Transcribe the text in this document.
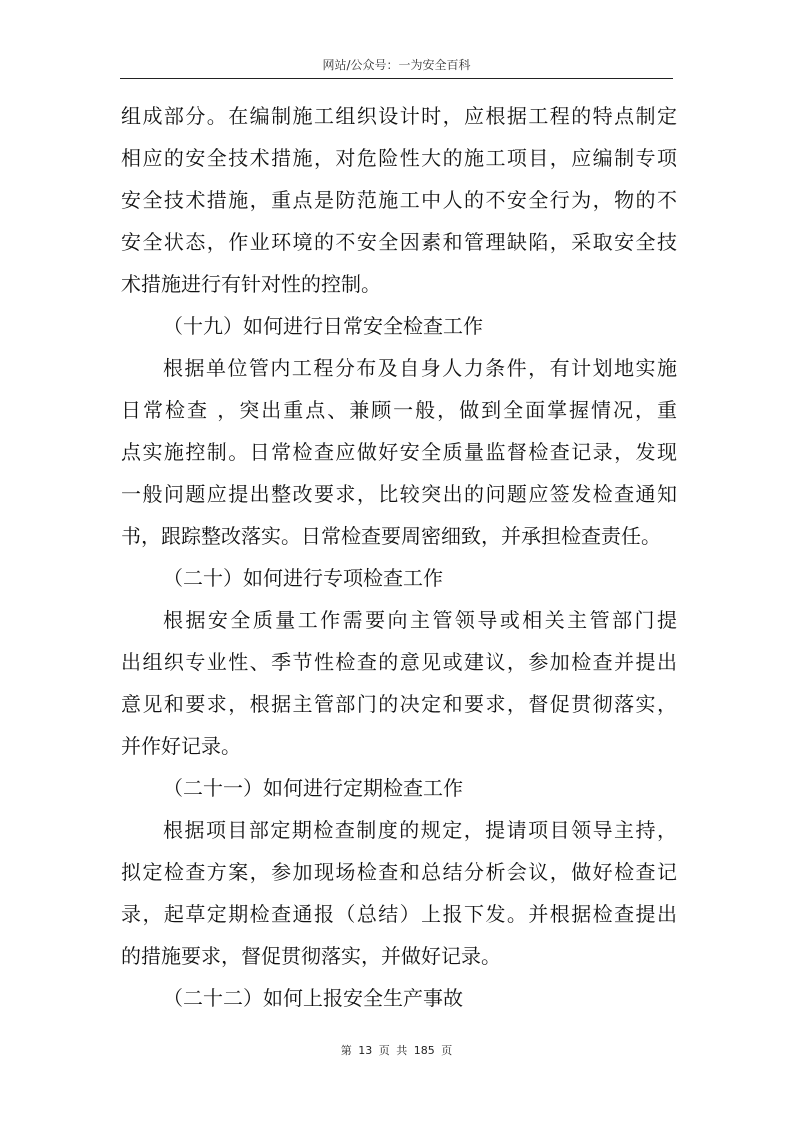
网站/公众号：一为安全百科
组成部分。在编制施工组织设计时，应根据工程的特点制定
相应的安全技术措施，对危险性大的施工项目，应编制专项
安全技术措施，重点是防范施工中人的不安全行为，物的不
安全状态，作业环境的不安全因素和管理缺陷，采取安全技
术措施进行有针对性的控制。
（十九）如何进行日常安全检查工作
根据单位管内工程分布及自身人力条件，有计划地实施
日常检查 ，突出重点、兼顾一般，做到全面掌握情况，重
点实施控制。日常检查应做好安全质量监督检查记录，发现
一般问题应提出整改要求，比较突出的问题应签发检查通知
书，跟踪整改落实。日常检查要周密细致，并承担检查责任。
（二十）如何进行专项检查工作
根据安全质量工作需要向主管领导或相关主管部门提
出组织专业性、季节性检查的意见或建议，参加检查并提出
意见和要求，根据主管部门的决定和要求，督促贯彻落实，
并作好记录。
（二十一）如何进行定期检查工作
根据项目部定期检查制度的规定，提请项目领导主持，
拟定检查方案，参加现场检查和总结分析会议，做好检查记
录，起草定期检查通报（总结）上报下发。并根据检查提出
的措施要求，督促贯彻落实，并做好记录。
（二十二）如何上报安全生产事故
第 13 页 共 185 页
